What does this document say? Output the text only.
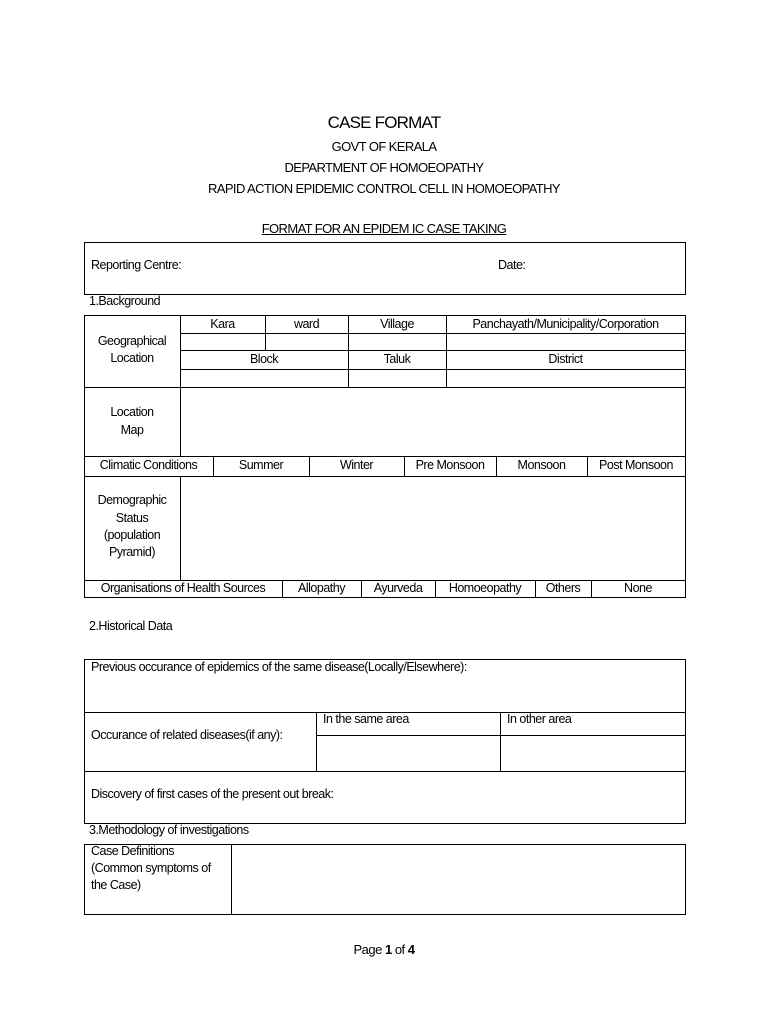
CASE FORMAT
GOVT OF KERALA
DEPARTMENT OF HOMOEOPATHY
RAPID ACTION EPIDEMIC CONTROL CELL IN HOMOEOPATHY
FORMAT FOR AN EPIDEM IC CASE TAKING
Reporting Centre:	Date:
1.Background
Geographical
Location
Kara	ward	Village	Panchayath/Municipality/Corporation
Block	Taluk	District
Location
Map
Climatic Conditions	Summer	Winter	Pre Monsoon	Monsoon	Post Monsoon
Demographic
Status
(population
Pyramid)
Organisations of Health Sources	Allopathy	Ayurveda	Homoeopathy	Others	None
2.Historical Data
Previous occurance of epidemics of the same disease(Locally/Elsewhere):
Occurance of related diseases(if any):
In the same area	In other area
Discovery of first cases of the present out break:
3.Methodology of investigations
Case Definitions
(Common symptoms of
the Case)
Page 1 of 4
